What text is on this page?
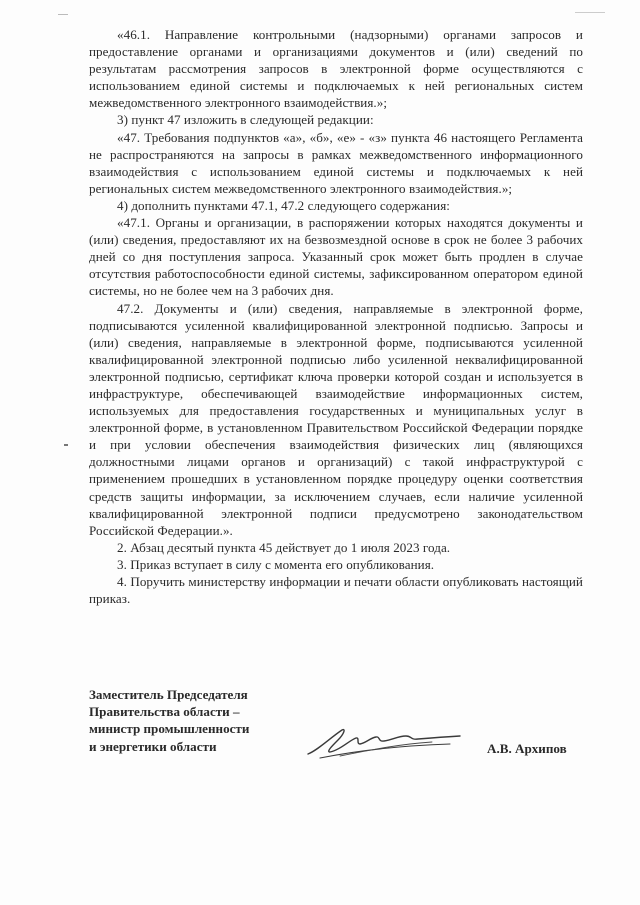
«46.1. Направление контрольными (надзорными) органами запросов и предоставление органами и организациями документов и (или) сведений по результатам рассмотрения запросов в электронной форме осуществляются с использованием единой системы и подключаемых к ней региональных систем межведомственного электронного взаимодействия.»;

3) пункт 47 изложить в следующей редакции:

«47. Требования подпунктов «а», «б», «е» - «з» пункта 46 настоящего Регламента не распространяются на запросы в рамках межведомственного информационного взаимодействия с использованием единой системы и подключаемых к ней региональных систем межведомственного электронного взаимодействия.»;

4) дополнить пунктами 47.1, 47.2 следующего содержания:

«47.1. Органы и организации, в распоряжении которых находятся документы и (или) сведения, предоставляют их на безвозмездной основе в срок не более 3 рабочих дней со дня поступления запроса. Указанный срок может быть продлен в случае отсутствия работоспособности единой системы, зафиксированном оператором единой системы, но не более чем на 3 рабочих дня.

47.2. Документы и (или) сведения, направляемые в электронной форме, подписываются усиленной квалифицированной электронной подписью. Запросы и (или) сведения, направляемые в электронной форме, подписываются усиленной квалифицированной электронной подписью либо усиленной неквалифицированной электронной подписью, сертификат ключа проверки которой создан и используется в инфраструктуре, обеспечивающей взаимодействие информационных систем, используемых для предоставления государственных и муниципальных услуг в электронной форме, в установленном Правительством Российской Федерации порядке и при условии обеспечения взаимодействия физических лиц (являющихся должностными лицами органов и организаций) с такой инфраструктурой с применением прошедших в установленном порядке процедуру оценки соответствия средств защиты информации, за исключением случаев, если наличие усиленной квалифицированной электронной подписи предусмотрено законодательством Российской Федерации.».

2. Абзац десятый пункта 45 действует до 1 июля 2023 года.

3. Приказ вступает в силу с момента его опубликования.

4. Поручить министерству информации и печати области опубликовать настоящий приказ.

Заместитель Председателя
Правительства области –
министр промышленности
и энергетики области	А.В. Архипов
